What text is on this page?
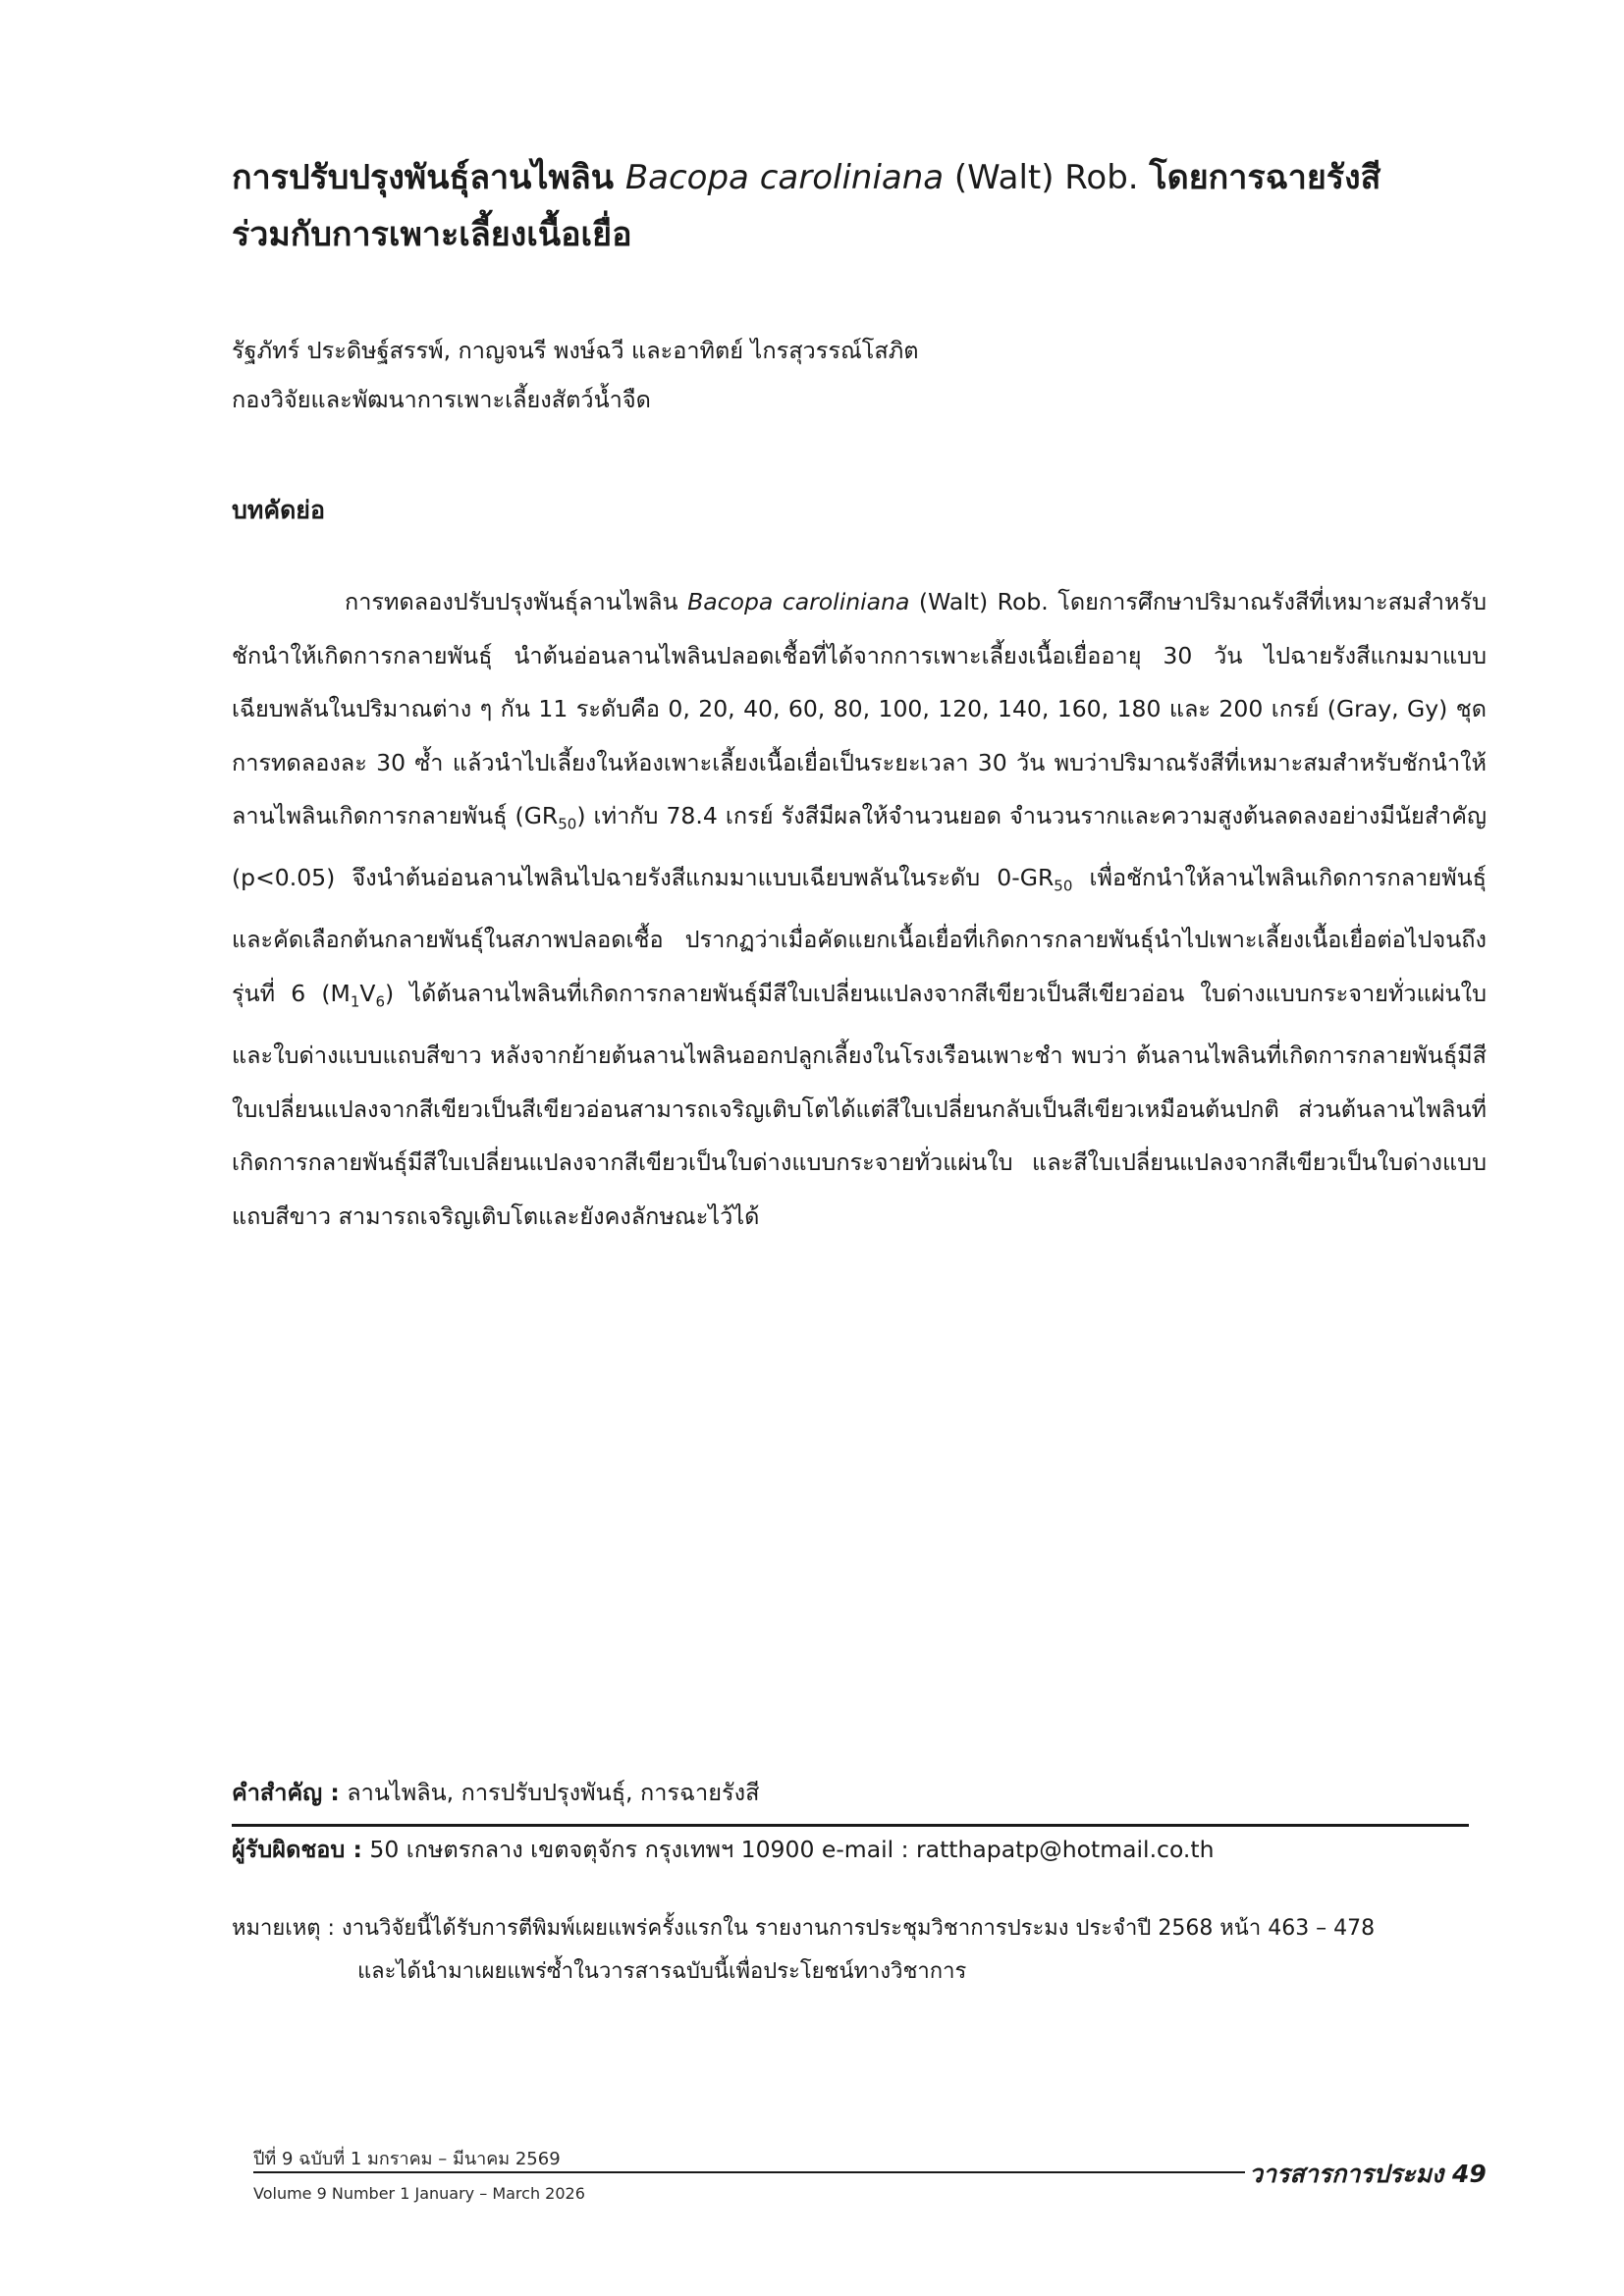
การปรับปรุงพันธุ์ลานไพลิน Bacopa caroliniana (Walt) Rob. โดยการฉายรังสี
ร่วมกับการเพาะเลี้ยงเนื้อเยื่อ
รัฐภัทร์ ประดิษฐ์สรรพ์, กาญจนรี พงษ์ฉวี และอาทิตย์ ไกรสุวรรณ์โสภิต
กองวิจัยและพัฒนาการเพาะเลี้ยงสัตว์น้ำจืด
บทคัดย่อ

การทดลองปรับปรุงพันธุ์ลานไพลิน Bacopa caroliniana (Walt) Rob. โดยการศึกษาปริมาณรังสีที่เหมาะสมสำหรับชักนำให้เกิดการกลายพันธุ์ นำต้นอ่อนลานไพลินปลอดเชื้อที่ได้จากการเพาะเลี้ยงเนื้อเยื่ออายุ 30 วัน ไปฉายรังสีแกมมาแบบเฉียบพลันในปริมาณต่าง ๆ กัน 11 ระดับคือ 0, 20, 40, 60, 80, 100, 120, 140, 160, 180 และ 200 เกรย์ (Gray, Gy) ชุดการทดลองละ 30 ซ้ำ แล้วนำไปเลี้ยงในห้องเพาะเลี้ยงเนื้อเยื่อเป็นระยะเวลา 30 วัน พบว่าปริมาณรังสีที่เหมาะสมสำหรับชักนำให้ลานไพลินเกิดการกลายพันธุ์ $(GR_{50})$ เท่ากับ 78.4 เกรย์ รังสีมีผลให้จำนวนยอด จำนวนรากและความสูงต้นลดลงอย่างมีนัยสำคัญ (p<0.05) จึงนำต้นอ่อนลานไพลินไปฉายรังสีแกมมาแบบเฉียบพลันในระดับ $0-GR_{50}$ เพื่อชักนำให้ลานไพลินเกิดการกลายพันธุ์และคัดเลือกต้นกลายพันธุ์ในสภาพปลอดเชื้อ ปรากฏว่าเมื่อคัดแยกเนื้อเยื่อที่เกิดการกลายพันธุ์นำไปเพาะเลี้ยงเนื้อเยื่อต่อไปจนถึงรุ่นที่ 6 $(M_1V_6)$ ได้ต้นลานไพลินที่เกิดการกลายพันธุ์มีสีใบเปลี่ยนแปลงจากสีเขียวเป็นสีเขียวอ่อน ใบด่างแบบกระจายทั่วแผ่นใบ และใบด่างแบบแถบสีขาว หลังจากย้ายต้นลานไพลินออกปลูกเลี้ยงในโรงเรือนเพาะชำ พบว่า ต้นลานไพลินที่เกิดการกลายพันธุ์มีสีใบเปลี่ยนแปลงจากสีเขียวเป็นสีเขียวอ่อนสามารถเจริญเติบโตได้แต่สีใบเปลี่ยนกลับเป็นสีเขียวเหมือนต้นปกติ ส่วนต้นลานไพลินที่เกิดการกลายพันธุ์มีสีใบเปลี่ยนแปลงจากสีเขียวเป็นใบด่างแบบกระจายทั่วแผ่นใบ และสีใบเปลี่ยนแปลงจากสีเขียวเป็นใบด่างแบบแถบสีขาว สามารถเจริญเติบโตและยังคงลักษณะไว้ได้

คำสำคัญ : ลานไพลิน, การปรับปรุงพันธุ์, การฉายรังสี
ผู้รับผิดชอบ : 50 เกษตรกลาง เขตจตุจักร กรุงเทพฯ 10900 e-mail : ratthapatp@hotmail.co.th
หมายเหตุ : งานวิจัยนี้ได้รับการตีพิมพ์เผยแพร่ครั้งแรกใน รายงานการประชุมวิชาการประมง ประจำปี 2568 หน้า 463 – 478
และได้นำมาเผยแพร่ซ้ำในวารสารฉบับนี้เพื่อประโยชน์ทางวิชาการ
ปีที่ 9 ฉบับที่ 1 มกราคม – มีนาคม 2569
Volume 9 Number 1 January – March 2026
วารสารการประมง 49
